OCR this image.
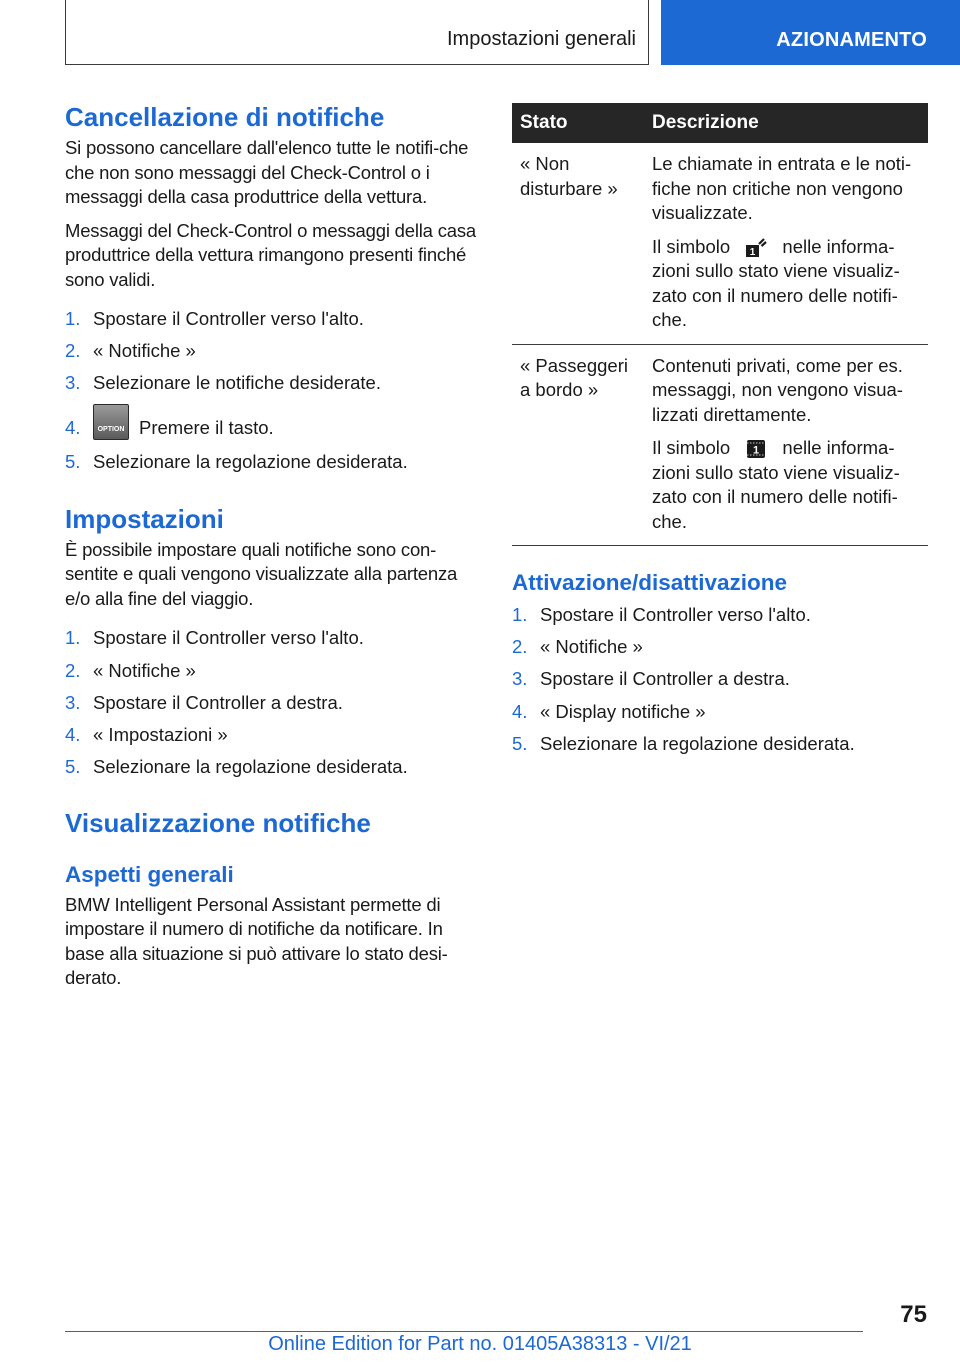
Impostazioni generali	AZIONAMENTO
Cancellazione di notifiche

Si possono cancellare dall'elenco tutte le notifi-che che non sono messaggi del Check-Control o i messaggi della casa produttrice della vettura.

Messaggi del Check-Control o messaggi della casa produttrice della vettura rimangono presenti finché sono validi.

1. Spostare il Controller verso l'alto.
2. « Notifiche »
3. Selezionare le notifiche desiderate.
4.	OPTION Premere il tasto.
5. Selezionare la regolazione desiderata.
Impostazioni

È possibile impostare quali notifiche sono con-sentite e quali vengono visualizzate alla partenza e/o alla fine del viaggio.

1. Spostare il Controller verso l'alto.
2. « Notifiche »
3. Spostare il Controller a destra.
4. « Impostazioni »
5. Selezionare la regolazione desiderata.
Visualizzazione notifiche
Aspetti generali

BMW Intelligent Personal Assistant permette di impostare il numero di notifiche da notificare. In base alla situazione si può attivare lo stato desi-derato.

Stato	Descrizione
« Non disturbare »	Le chiamate in entrata e le noti-fiche non critiche non vengono visualizzate.

Il simbolo 1 nelle informa-zioni sullo stato viene visualiz-zato con il numero delle notifi-che.

« Passeggeri a bordo »	Contenuti privati, come per es. messaggi, non vengono visua-lizzati direttamente.

Il simbolo 1 nelle informa-zioni sullo stato viene visualiz-zato con il numero delle notifi-che.

Attivazione/disattivazione
1. Spostare il Controller verso l'alto.
2. « Notifiche »
3. Spostare il Controller a destra.
4. « Display notifiche »
5. Selezionare la regolazione desiderata.
75
Online Edition for Part no. 01405A38313 - VI/21
